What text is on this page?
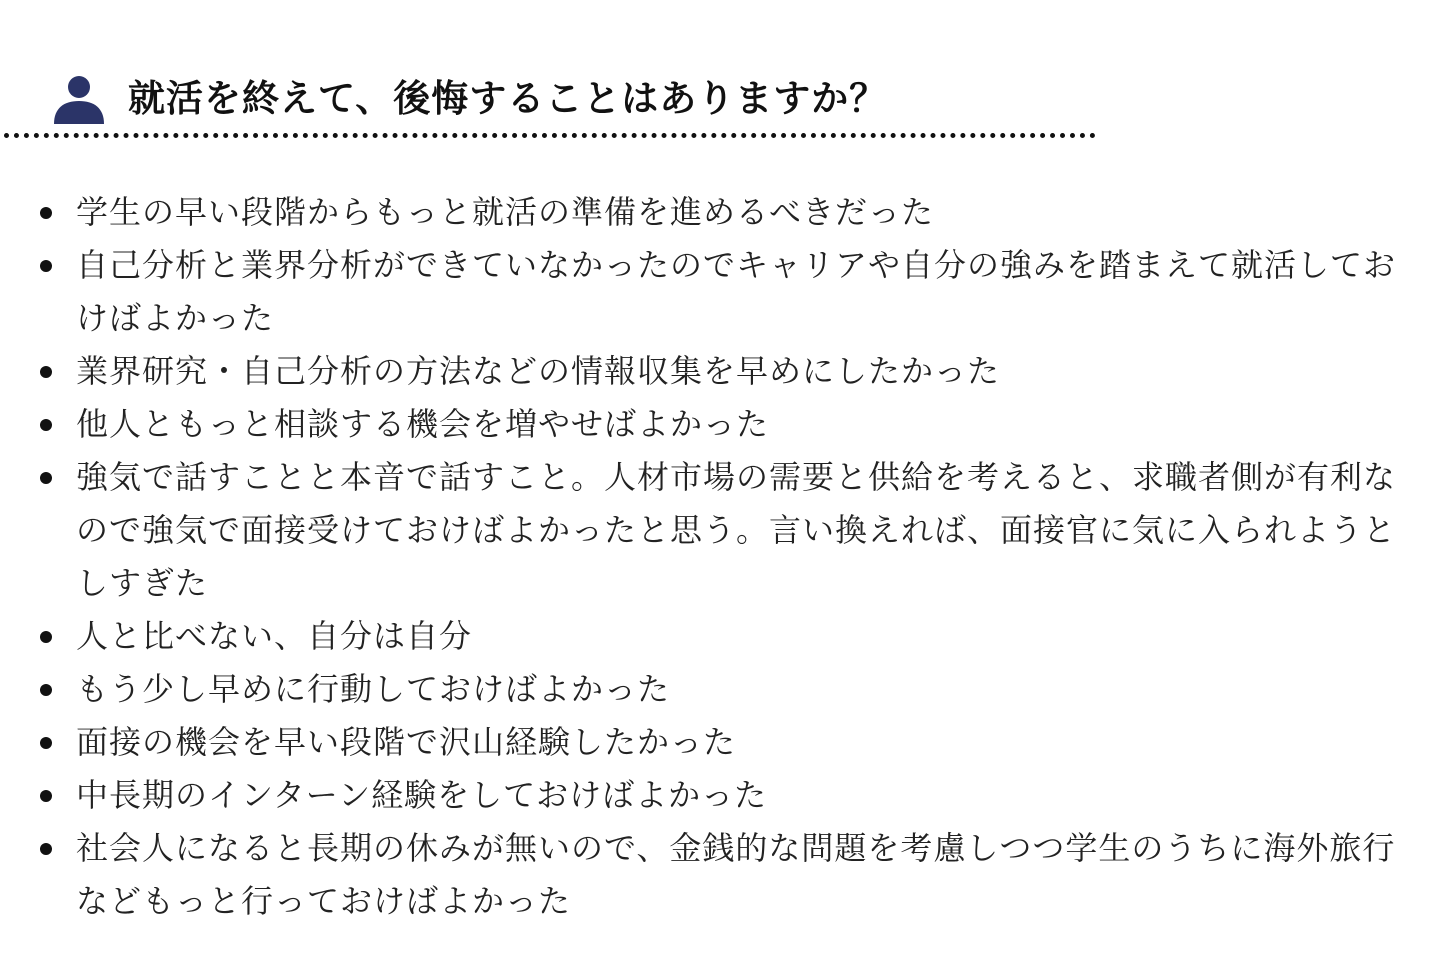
就活を終えて、後悔することはありますか？
学生の早い段階からもっと就活の準備を進めるべきだった
自己分析と業界分析ができていなかったのでキャリアや自分の強みを踏まえて就活しておけばよかった
業界研究・自己分析の方法などの情報収集を早めにしたかった
他人ともっと相談する機会を増やせばよかった
強気で話すことと本音で話すこと。人材市場の需要と供給を考えると、求職者側が有利なので強気で面接受けておけばよかったと思う。言い換えれば、面接官に気に入られようとしすぎた
人と比べない、自分は自分
もう少し早めに行動しておけばよかった
面接の機会を早い段階で沢山経験したかった
中長期のインターン経験をしておけばよかった
社会人になると長期の休みが無いので、金銭的な問題を考慮しつつ学生のうちに海外旅行などもっと行っておけばよかった
